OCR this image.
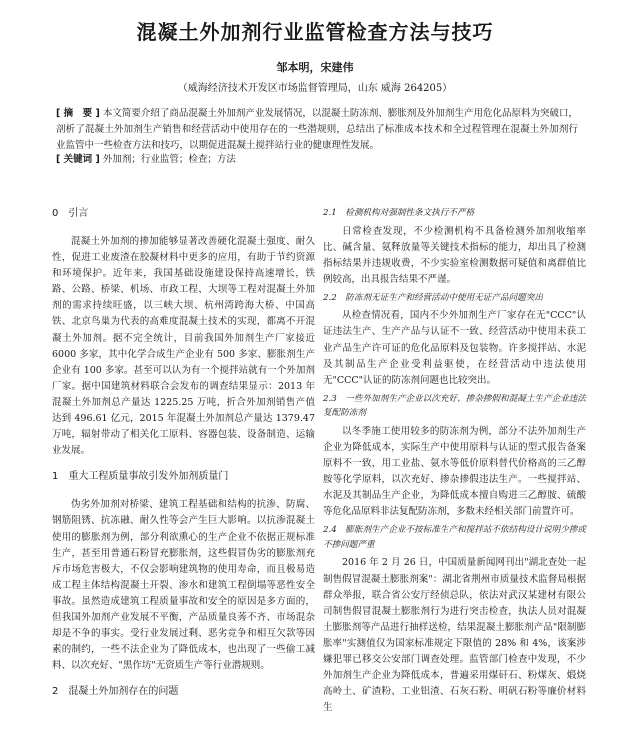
混凝土外加剂行业监管检查方法与技巧
邹本明，宋建伟
（威海经济技术开发区市场监督管理局，山东 威海 264205）
[ 摘　要 ] 本文简要介绍了商品混凝土外加剂产业发展情况，以混凝土防冻剂、膨胀剂及外加剂生产用危化品原料为突破口，剖析了混凝土外加剂生产销售和经营活动中使用存在的一些潜规则，总结出了标准成本技术和全过程管理在混凝土外加剂行业监管中一些检查方法和技巧，以期促进混凝土搅拌站行业的健康理性发展。
[ 关键词 ] 外加剂；行业监管；检查；方法
0　引言
混凝土外加剂的掺加能够显著改善硬化混凝土强度、耐久性，促进工业废渣在胶凝材料中更多的应用，有助于节约资源和环境保护。近年来，我国基础设施建设保持高速增长，铁路、公路、桥梁、机场、市政工程、大坝等工程对混凝土外加剂的需求持续旺盛，以三峡大坝、杭州湾跨海大桥、中国高铁、北京鸟巢为代表的高难度混凝土技术的实现，都离不开混凝土外加剂。据不完全统计，目前我国外加剂生产厂家接近 6000 多家，其中化学合成生产企业有 500 多家、膨胀剂生产企业有 100 多家。甚至可以认为有一个搅拌站就有一个外加剂厂家。据中国建筑材料联合会发布的调查结果显示：2013 年混凝土外加剂总产量达 1225.25 万吨，折合外加剂销售产值达到 496.61 亿元，2015 年混凝土外加剂总产量达 1379.47 万吨，辐射带动了相关化工原料、容器包装、设备制造、运输业发展。
1　重大工程质量事故引发外加剂质量门
伪劣外加剂对桥梁、建筑工程基础和结构的抗渗、防腐、钢筋阻锈、抗冻融、耐久性等会产生巨大影响。以抗渗混凝土使用的膨胀剂为例，部分利欲熏心的生产企业不依据正规标准生产，甚至用普通石粉冒充膨胀剂，这些假冒伪劣的膨胀剂充斥市场危害极大，不仅会影响建筑物的使用寿命，而且极易造成工程主体结构混凝土开裂、渗水和建筑工程倒塌等恶性安全事故。虽然造成建筑工程质量事故和安全的原因是多方面的，但我国外加剂产业发展不平衡，产品质量良莠不齐、市场混杂却是不争的事实。受行业发展过剩、恶劣竞争和相互欠款等因素的制约，一些不法企业为了降低成本，也出现了一些偷工减料、以次充好、"黑作坊"无资质生产等行业潜规则。
2　混凝土外加剂存在的问题
2.1　检测机构对强制性条文执行不严格
日常检查发现，不少检测机构不具备检测外加剂收缩率比、碱含量、氨释放量等关键技术指标的能力，却出具了检测指标结果并违规收费，不少实验室检测数据可疑值和离群值比例较高，出具报告结果不严谨。
2.2　防冻剂无证生产和经营活动中使用无证产品问题突出
从检查情况看，国内不少外加剂生产厂家存在无"CCC"认证违法生产、生产产品与认证不一致、经营活动中使用未获工业产品生产许可证的危化品原料及包装物。许多搅拌站、水泥及其制品生产企业受利益驱使，在经营活动中违法使用无"CCC"认证的防冻剂问题也比较突出。
2.3　一些外加剂生产企业以次充好、掺杂掺假和混凝土生产企业违法复配防冻剂
以冬季施工使用较多的防冻剂为例，部分不法外加剂生产企业为降低成本，实际生产中使用原料与认证的型式报告备案原料不一致，用工业盐、氨水等低价原料替代价格高的三乙醇胺等化学原料，以次充好、掺杂掺假违法生产。一些搅拌站、水泥及其制品生产企业，为降低成本擅自购进三乙醇胺、硫酸等危化品原料非法复配防冻剂，多数未经相关部门前置许可。
2.4　膨胀剂生产企业不按标准生产和搅拌站不依结构设计说明少掺或不掺问题严重
2016 年 2 月 26 日，中国质量新闻网刊出"湖北查处一起制售假冒混凝土膨胀剂案"：湖北省荆州市质量技术监督局根据群众举报，联合省公安厅经侦总队，依法对武汉某建材有限公司制售假冒混凝土膨胀剂行为进行突击检查，执法人员对混凝土膨胀剂等产品进行抽样送检，结果混凝土膨胀剂产品"限制膨胀率"实测值仅为国家标准规定下限值的 28% 和 4%，该案涉嫌犯罪已移交公安部门调查处理。监管部门检查中发现，不少外加剂生产企业为降低成本，普遍采用煤矸石、粉煤灰、煅烧高岭土、矿渣粉、工业铝渣、石灰石粉、明矾石粉等廉价材料生
